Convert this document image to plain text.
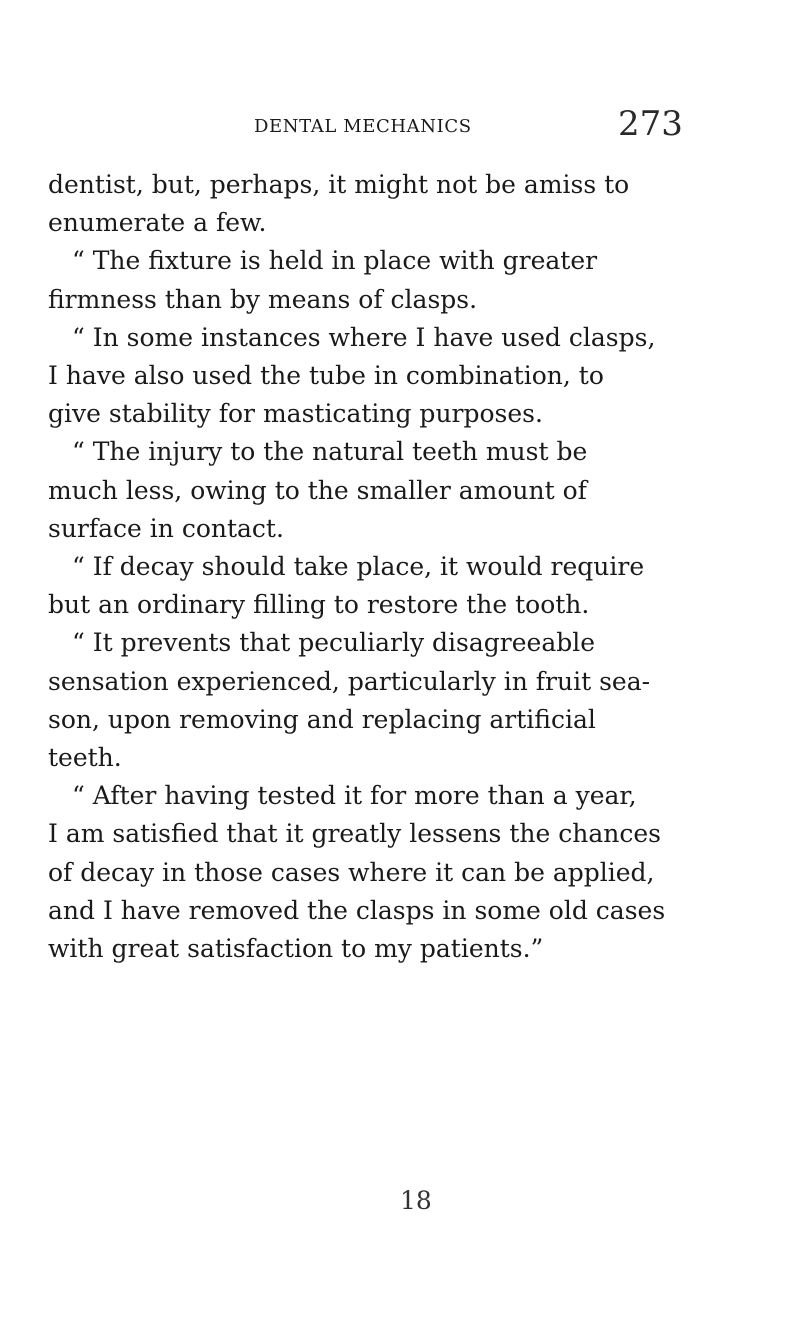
DENTAL MECHANICS	273
dentist, but, perhaps, it might not be amiss to
enumerate a few.
“ The fixture is held in place with greater
firmness than by means of clasps.
“ In some instances where I have used clasps,
I have also used the tube in combination, to
give stability for masticating purposes.
“ The injury to the natural teeth must be
much less, owing to the smaller amount of
surface in contact.
“ If decay should take place, it would require
but an ordinary filling to restore the tooth.
“ It prevents that peculiarly disagreeable
sensation experienced, particularly in fruit sea-
son, upon removing and replacing artificial
teeth.
“ After having tested it for more than a year,
I am satisfied that it greatly lessens the chances
of decay in those cases where it can be applied,
and I have removed the clasps in some old cases
with great satisfaction to my patients.”
18
